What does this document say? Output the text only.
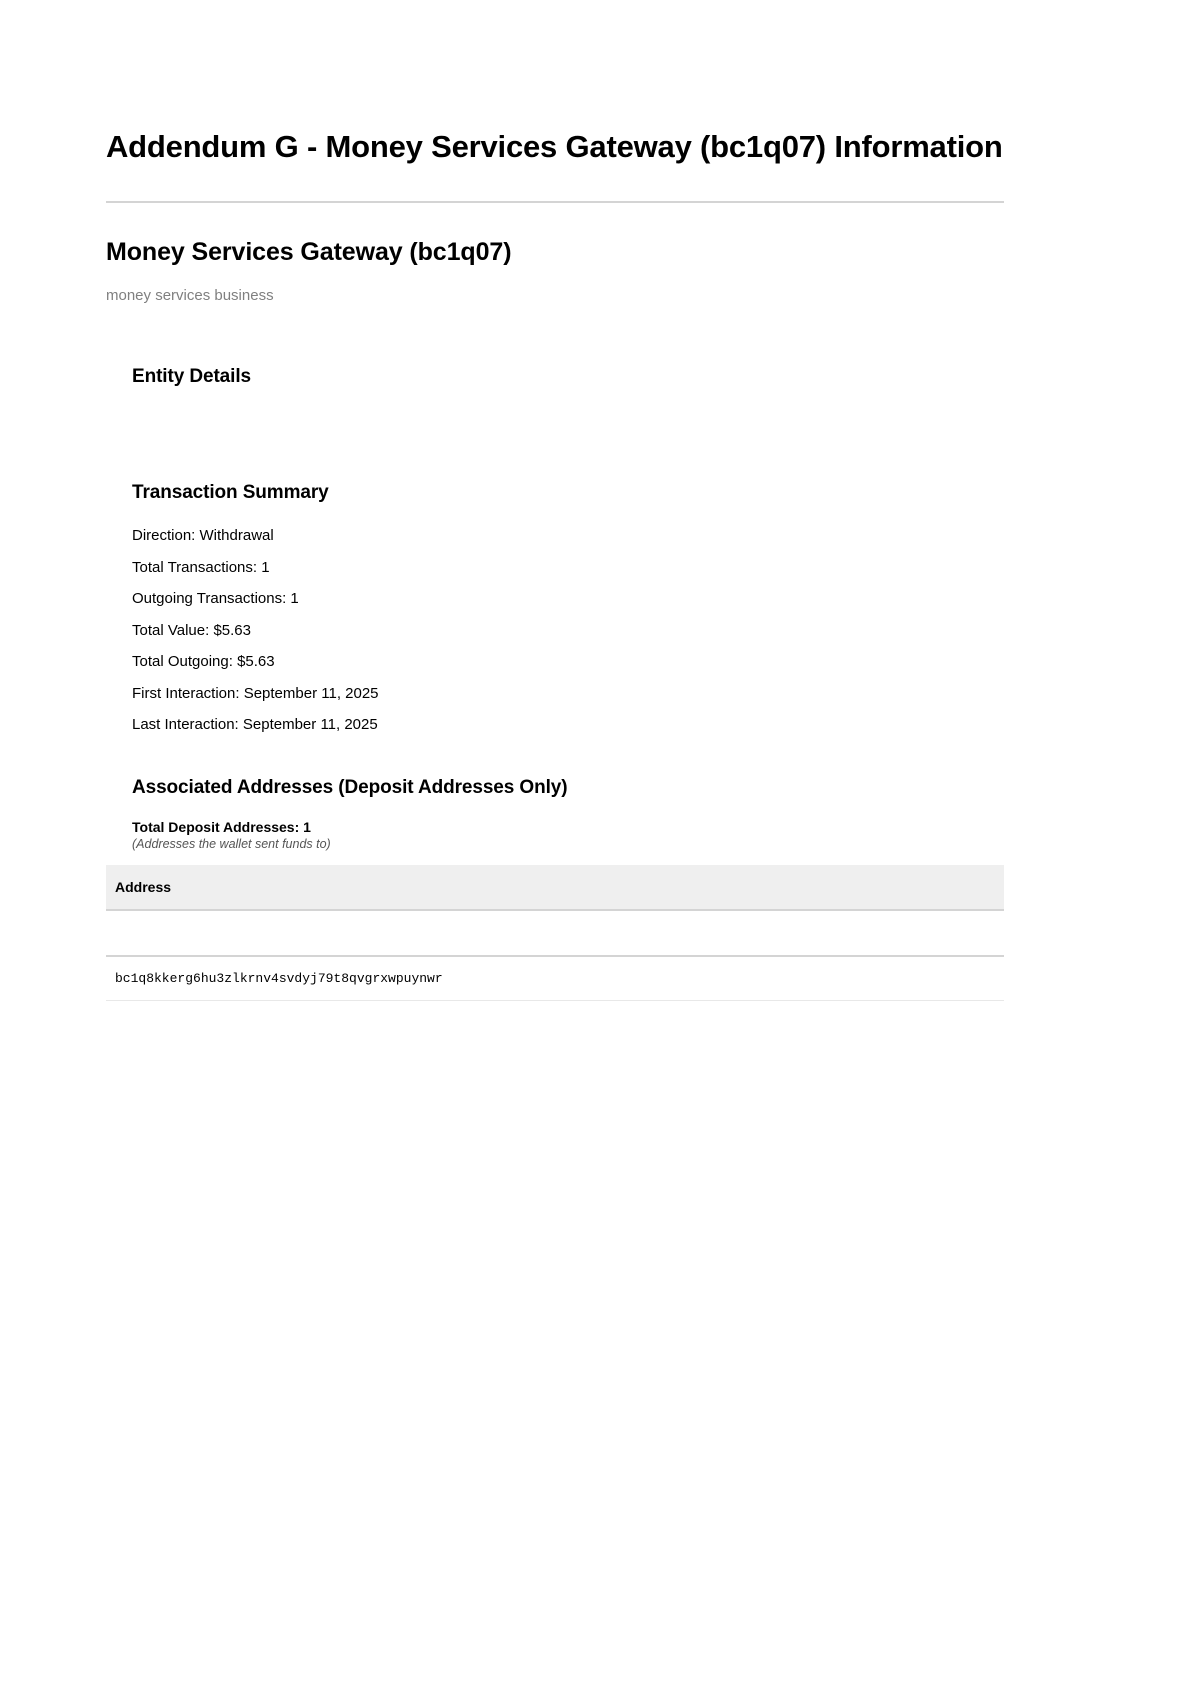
Addendum G - Money Services Gateway (bc1q07) Information
Money Services Gateway (bc1q07)

money services business

Entity Details
Transaction Summary
Direction: Withdrawal
Total Transactions: 1
Outgoing Transactions: 1
Total Value: $5.63
Total Outgoing: $5.63
First Interaction: September 11, 2025
Last Interaction: September 11, 2025
Associated Addresses (Deposit Addresses Only)

Total Deposit Addresses: 1

(Addresses the wallet sent funds to)

Address

bc1q8kkerg6hu3zlkrnv4svdyj79t8qvgrxwpuynwr
